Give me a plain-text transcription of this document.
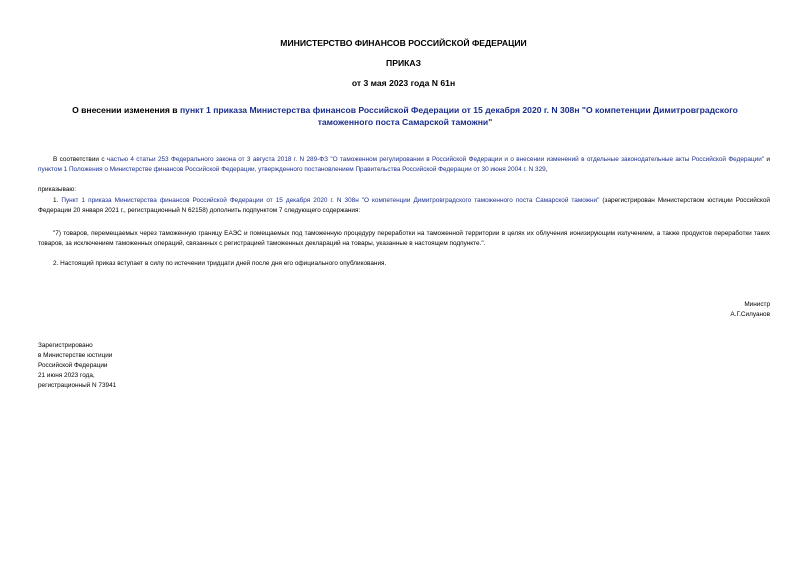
МИНИСТЕРСТВО ФИНАНСОВ РОССИЙСКОЙ ФЕДЕРАЦИИ
ПРИКАЗ
от 3 мая 2023 года N 61н
О внесении изменения в пункт 1 приказа Министерства финансов Российской Федерации от 15 декабря 2020 г. N 308н "О компетенции Димитровградского таможенного поста Самарской таможни"
В соответствии с частью 4 статьи 253 Федерального закона от 3 августа 2018 г. N 289-ФЗ "О таможенном регулировании в Российской Федерации и о внесении изменений в отдельные законодательные акты Российской Федерации" и пунктом 1 Положения о Министерстве финансов Российской Федерации, утвержденного постановлением Правительства Российской Федерации от 30 июня 2004 г. N 329,
приказываю:
1. Пункт 1 приказа Министерства финансов Российской Федерации от 15 декабря 2020 г. N 308н "О компетенции Димитровградского таможенного поста Самарской таможни" (зарегистрирован Министерством юстиции Российской Федерации 20 января 2021 г., регистрационный N 62158) дополнить подпунктом 7 следующего содержания:
"7) товаров, перемещаемых через таможенную границу ЕАЭС и помещаемых под таможенную процедуру переработки на таможенной территории в целях их облучения ионизирующим излучением, а также продуктов переработки таких товаров, за исключением таможенных операций, связанных с регистрацией таможенных деклараций на товары, указанные в настоящем подпункте.".
2. Настоящий приказ вступает в силу по истечении тридцати дней после дня его официального опубликования.
Министр
А.Г.Силуанов
Зарегистрировано
в Министерстве юстиции
Российской Федерации
21 июня 2023 года,
регистрационный N 73941
